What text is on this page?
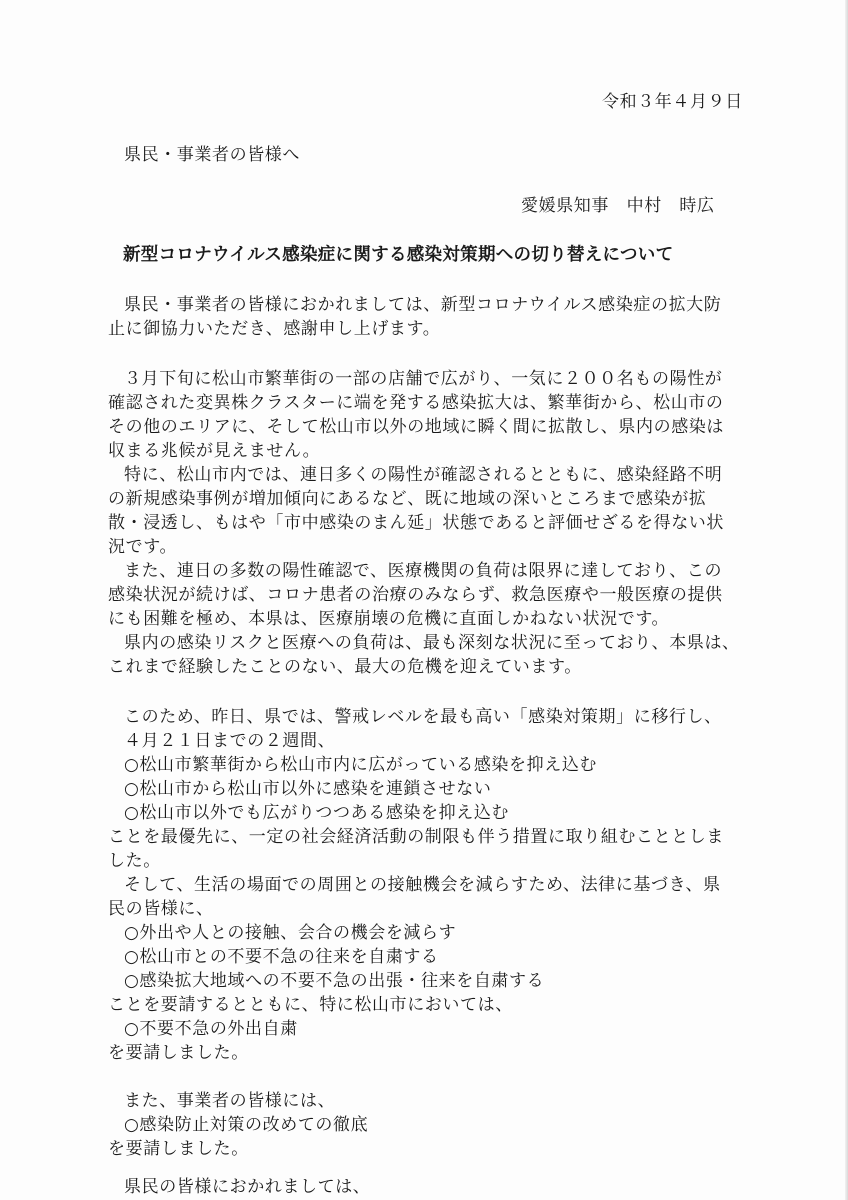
令和３年４月９日
県民・事業者の皆様へ
愛媛県知事　中村　時広
新型コロナウイルス感染症に関する感染対策期への切り替えについて
県民・事業者の皆様におかれましては、新型コロナウイルス感染症の拡大防
止に御協力いただき、感謝申し上げます。
３月下旬に松山市繁華街の一部の店舗で広がり、一気に２００名もの陽性が
確認された変異株クラスターに端を発する感染拡大は、繁華街から、松山市の
その他のエリアに、そして松山市以外の地域に瞬く間に拡散し、県内の感染は
収まる兆候が見えません。
特に、松山市内では、連日多くの陽性が確認されるとともに、感染経路不明
の新規感染事例が増加傾向にあるなど、既に地域の深いところまで感染が拡
散・浸透し、もはや「市中感染のまん延」状態であると評価せざるを得ない状
況です。
また、連日の多数の陽性確認で、医療機関の負荷は限界に達しており、この
感染状況が続けば、コロナ患者の治療のみならず、救急医療や一般医療の提供
にも困難を極め、本県は、医療崩壊の危機に直面しかねない状況です。
県内の感染リスクと医療への負荷は、最も深刻な状況に至っており、本県は、
これまで経験したことのない、最大の危機を迎えています。
このため、昨日、県では、警戒レベルを最も高い「感染対策期」に移行し、
４月２１日までの２週間、
○松山市繁華街から松山市内に広がっている感染を抑え込む
○松山市から松山市以外に感染を連鎖させない
○松山市以外でも広がりつつある感染を抑え込む
ことを最優先に、一定の社会経済活動の制限も伴う措置に取り組むこととしま
した。
そして、生活の場面での周囲との接触機会を減らすため、法律に基づき、県
民の皆様に、
○外出や人との接触、会合の機会を減らす
○松山市との不要不急の往来を自粛する
○感染拡大地域への不要不急の出張・往来を自粛する
ことを要請するとともに、特に松山市においては、
○不要不急の外出自粛
を要請しました。
また、事業者の皆様には、
○感染防止対策の改めての徹底
を要請しました。
県民の皆様におかれましては、
